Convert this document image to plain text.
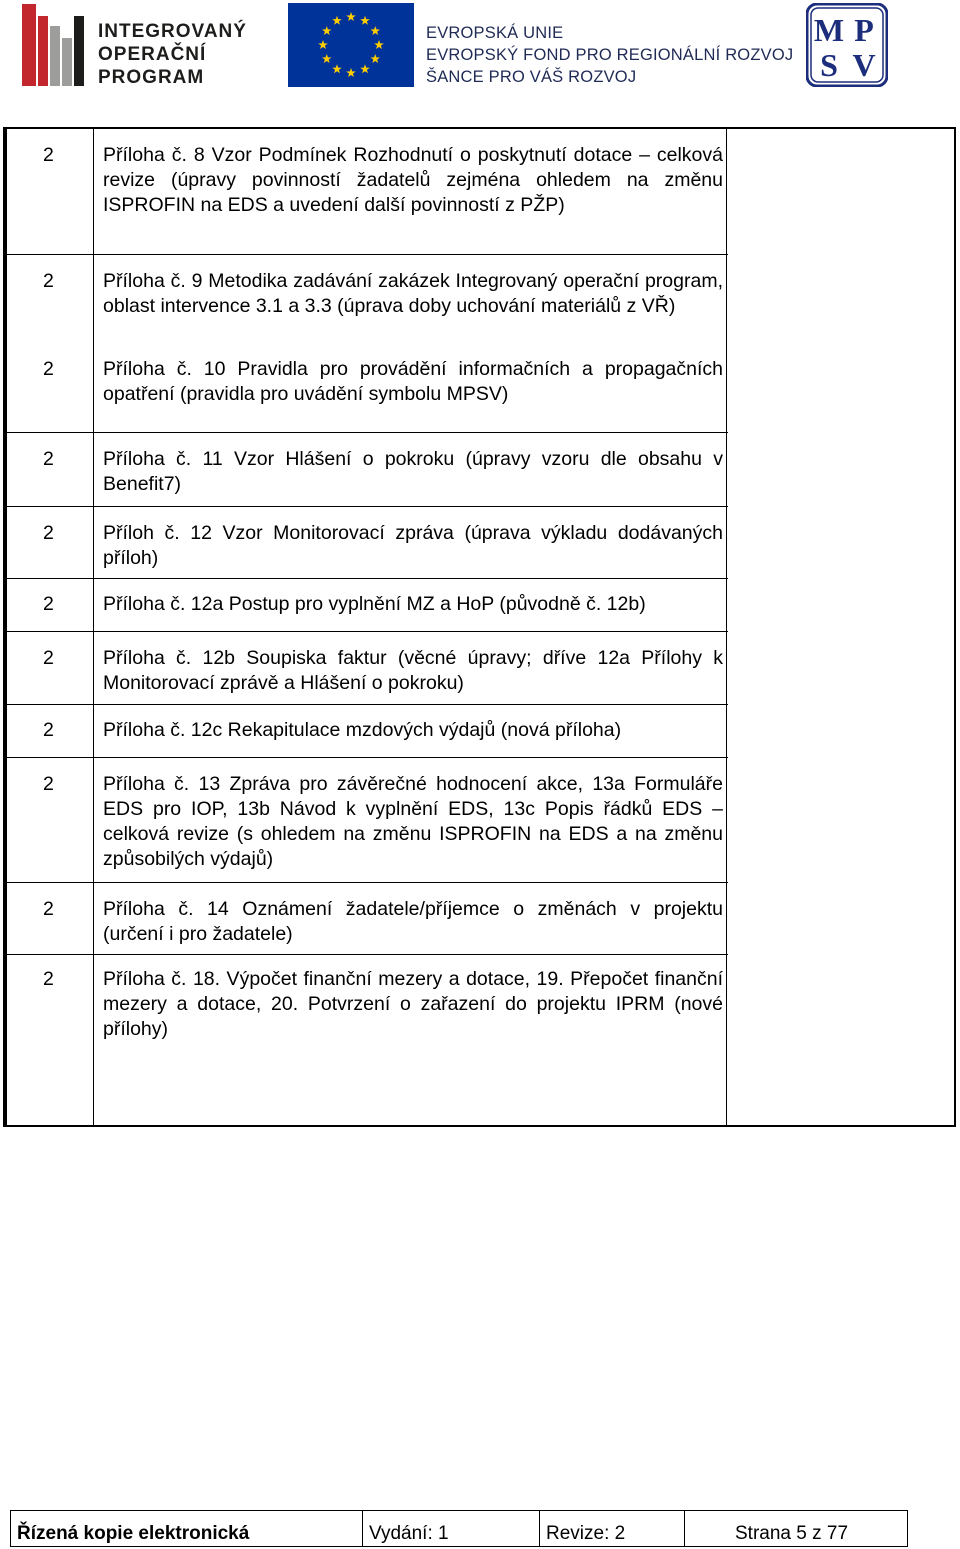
INTEGROVANÝ
OPERAČNÍ
PROGRAM
EVROPSKÁ UNIE
EVROPSKÝ FOND PRO REGIONÁLNÍ ROZVOJ
ŠANCE PRO VÁŠ ROZVOJ
M P
S V
2	Příloha č. 8 Vzor Podmínek Rozhodnutí o poskytnutí dotace – celková revize (úpravy povinností žadatelů zejména ohledem na změnu ISPROFIN na EDS a uvedení další povinností z PŽP)
2	Příloha č. 9 Metodika zadávání zakázek Integrovaný operační program, oblast intervence 3.1 a 3.3 (úprava doby uchování materiálů z VŘ)
2	Příloha č. 10 Pravidla pro provádění informačních a propagačních opatření (pravidla pro uvádění symbolu MPSV)
2	Příloha č. 11 Vzor Hlášení o pokroku (úpravy vzoru dle obsahu v Benefit7)
2	Příloh č. 12 Vzor Monitorovací zpráva (úprava výkladu dodávaných příloh)
2	Příloha č. 12a Postup pro vyplnění MZ a HoP (původně č. 12b)
2	Příloha č. 12b Soupiska faktur (věcné úpravy; dříve 12a Přílohy k Monitorovací zprávě a Hlášení o pokroku)
2	Příloha č. 12c Rekapitulace mzdových výdajů (nová příloha)
2	Příloha č. 13 Zpráva pro závěrečné hodnocení akce, 13a Formuláře EDS pro IOP, 13b Návod k vyplnění EDS, 13c Popis řádků EDS – celková revize (s ohledem na změnu ISPROFIN na EDS a na změnu způsobilých výdajů)
2	Příloha č. 14 Oznámení žadatele/příjemce o změnách v projektu (určení i pro žadatele)
2	Příloha č. 18. Výpočet finanční mezery a dotace, 19. Přepočet finanční mezery a dotace, 20. Potvrzení o zařazení do projektu IPRM (nové přílohy)
Řízená kopie elektronická	Vydání: 1	Revize: 2	Strana 5 z 77
